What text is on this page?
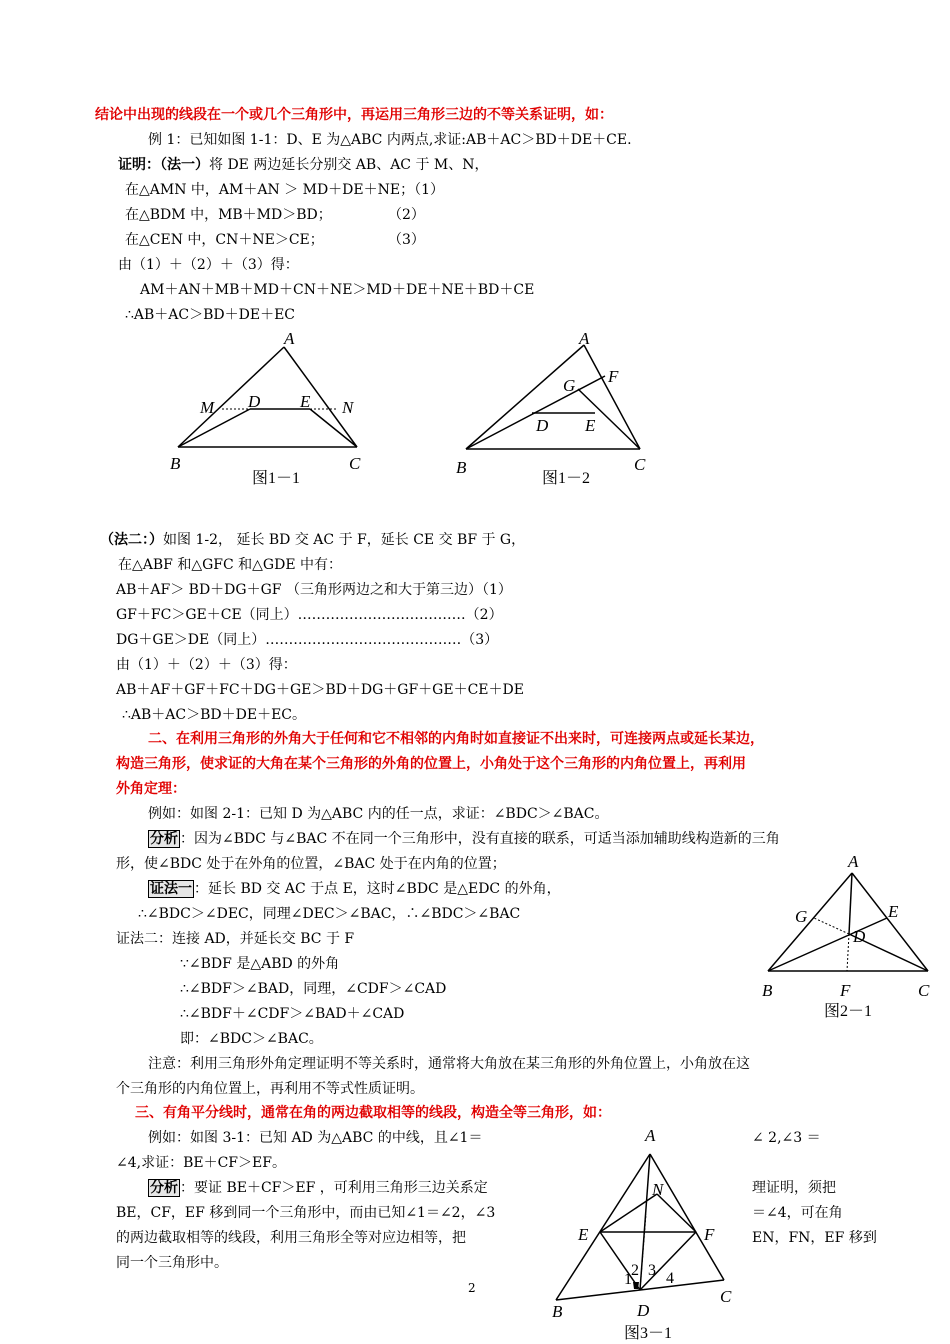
结论中出现的线段在一个或几个三角形中，再运用三角形三边的不等关系证明，如：
例 1：已知如图 1-1：D、E 为△ABC 内两点,求证:AB＋AC＞BD＋DE＋CE.
证明：（法一）将 DE 两边延长分别交 AB、AC 于 M、N，
在△AMN 中，AM＋AN ＞ MD＋DE＋NE；（1）
在△BDM 中，MB＋MD＞BD；	（2）
在△CEN 中，CN＋NE＞CE；	（3）
由（1）＋（2）＋（3）得：
AM＋AN＋MB＋MD＋CN＋NE＞MD＋DE＋NE＋BD＋CE
∴AB＋AC＞BD＋DE＋EC
A
B	C
M D E N
图1－1
A
B	C
G F
D E
图1－2
（法二：）如图 1-2， 延长 BD 交 AC 于 F，延长 CE 交 BF 于 G，
在△ABF 和△GFC 和△GDE 中有：
AB＋AF＞ BD＋DG＋GF （三角形两边之和大于第三边）（1）
GF＋FC＞GE＋CE（同上）………………………………（2）
DG＋GE＞DE（同上）……………………………………（3）
由（1）＋（2）＋（3）得：
AB＋AF＋GF＋FC＋DG＋GE＞BD＋DG＋GF＋GE＋CE＋DE
∴AB＋AC＞BD＋DE＋EC。
二、在利用三角形的外角大于任何和它不相邻的内角时如直接证不出来时，可连接两点或延长某边，
构造三角形，使求证的大角在某个三角形的外角的位置上，小角处于这个三角形的内角位置上，再利用
外角定理：
例如：如图 2-1：已知 D 为△ABC 内的任一点，求证：∠BDC＞∠BAC。
分析 ：因为∠BDC 与∠BAC 不在同一个三角形中，没有直接的联系，可适当添加辅助线构造新的三角
形，使∠BDC 处于在外角的位置，∠BAC 处于在内角的位置；
证法一 ：延长 BD 交 AC 于点 E，这时∠BDC 是△EDC 的外角，
∴∠BDC＞∠DEC，同理∠DEC＞∠BAC，∴∠BDC＞∠BAC
证法二：连接 AD，并延长交 BC 于 F
∵∠BDF 是△ABD 的外角
∴∠BDF＞∠BAD，同理，∠CDF＞∠CAD
∴∠BDF＋∠CDF＞∠BAD＋∠CAD
即：∠BDC＞∠BAC。
A
B	C
G	E
D
F
图2－1
注意：利用三角形外角定理证明不等关系时，通常将大角放在某三角形的外角位置上，小角放在这
个三角形的内角位置上，再利用不等式性质证明。
三、有角平分线时，通常在角的两边截取相等的线段，构造全等三角形，如：
例如：如图 3-1：已知 AD 为△ABC 的中线，且∠1＝	∠ 2,∠3 ＝
∠4,求证：BE＋CF＞EF。
分析 ：要证 BE＋CF＞EF ，可利用三角形三边关系定	理证明，须把
BE，CF，EF 移到同一个三角形中，而由已知∠1＝∠2，∠3	＝∠4，可在角
的两边截取相等的线段，利用三角形全等对应边相等，把	EN，FN，EF 移到
同一个三角形中。
A
B
C
N
E	F
D
1
2 3 4
图3－1
2
